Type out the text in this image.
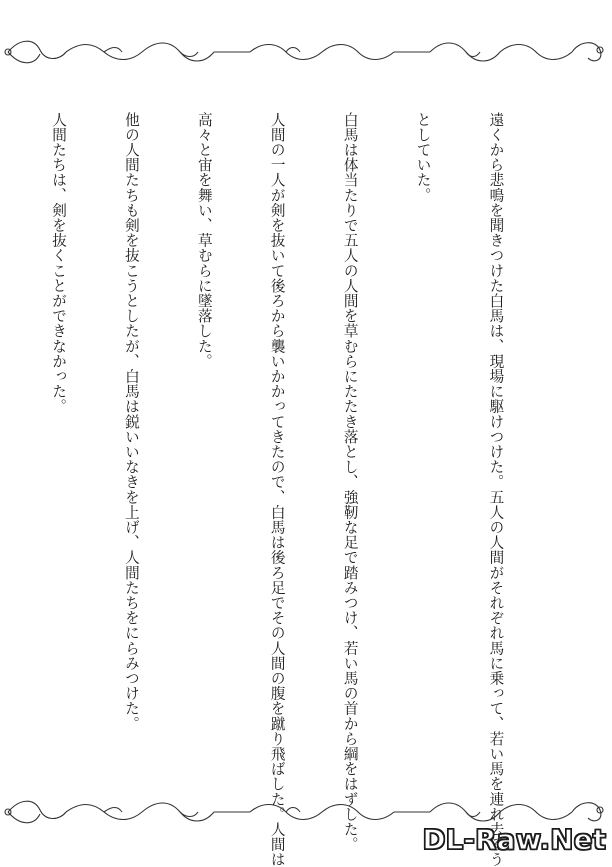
遠くから悲鳴を聞きつけた白馬は、現場に駆けつけた。五人の人間がそれぞれ馬に乗って、若い馬を連れ去ろう

としていた。

白馬は体当たりで五人の人間を草むらにたたき落とし、強靭な足で踏みつけ、若い馬の首から綱をはずした。

人間の一人が剣を抜いて後ろから襲いかかってきたので、白馬は後ろ足でその人間の腹を蹴り飛ばした。人間は

高々と宙を舞い、草むらに墜落した。

他の人間たちも剣を抜こうとしたが、白馬は鋭いいなきを上げ、人間たちをにらみつけた。

人間たちは、剣を抜くことができなかった。

DL-Raw.Net
